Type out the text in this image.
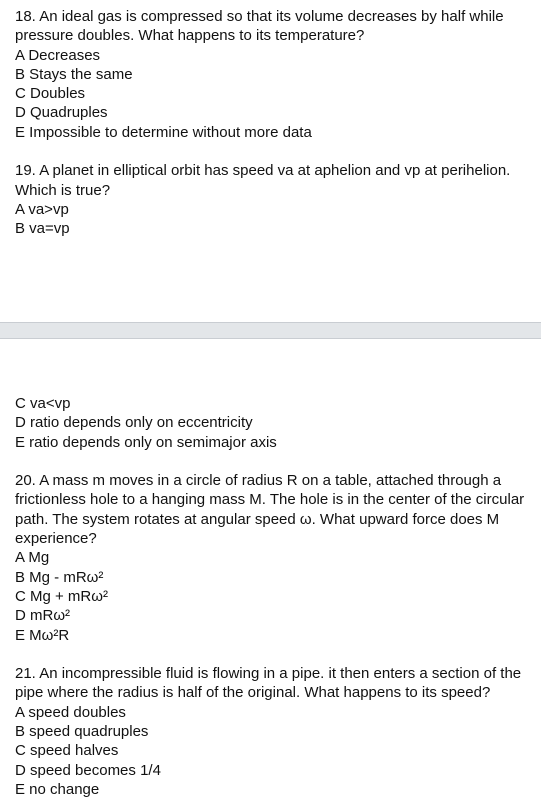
18. An ideal gas is compressed so that its volume decreases by half while pressure doubles. What happens to its temperature?

A Decreases
B Stays the same
C Doubles
D Quadruples
E Impossible to determine without more data

19. A planet in elliptical orbit has speed va at aphelion and vp at perihelion. Which is true?

A va>vp
B va=vp
C va<vp
D ratio depends only on eccentricity
E ratio depends only on semimajor axis

20. A mass m moves in a circle of radius R on a table, attached through a frictionless hole to a hanging mass M. The hole is in the center of the circular path. The system rotates at angular speed ω. What upward force does M experience?

A Mg
B Mg - mRω²
C Mg + mRω²
D mRω²
E Mω²R

21. An incompressible fluid is flowing in a pipe. it then enters a section of the pipe where the radius is half of the original. What happens to its speed?

A speed doubles
B speed quadruples
C speed halves
D speed becomes 1/4
E no change
